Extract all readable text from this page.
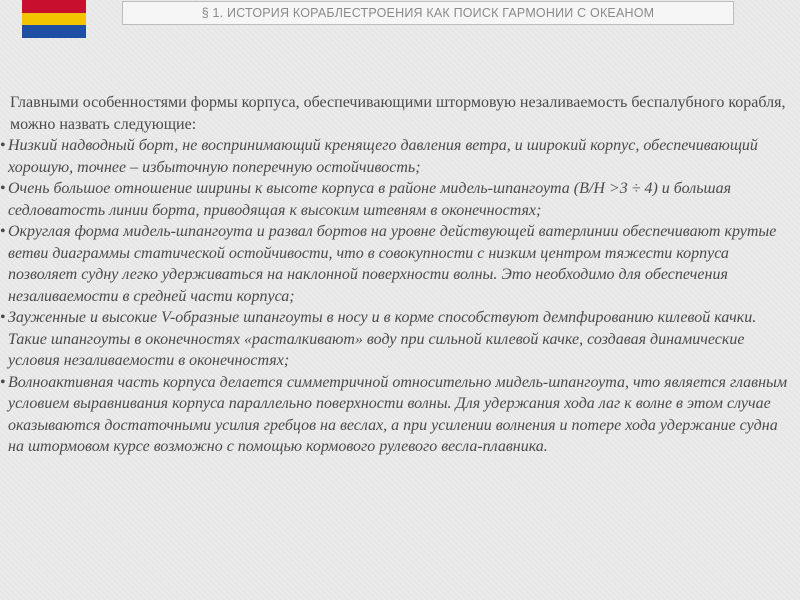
§ 1. ИСТОРИЯ КОРАБЛЕСТРОЕНИЯ КАК ПОИСК ГАРМОНИИ С ОКЕАНОМ
Главными особенностями формы корпуса, обеспечивающими штормовую незаливаемость беспалубного корабля, можно назвать следующие:
• Низкий надводный борт, не воспринимающий кренящего давления ветра, и широкий корпус, обеспечивающий хорошую, точнее – избыточную поперечную остойчивость;
• Очень большое отношение ширины к высоте корпуса в районе мидель-шпангоута (B/H >3 ÷ 4) и большая седловатость линии борта, приводящая к высоким штевням в оконечностях;
• Округлая форма мидель-шпангоута и развал бортов на уровне действующей ватерлинии обеспечивают крутые ветви диаграммы статической остойчивости, что в совокупности с низким центром тяжести корпуса позволяет судну легко удерживаться на наклонной поверхности волны. Это необходимо для обеспечения незаливаемости в средней части корпуса;
• Зауженные и высокие V-образные шпангоуты в носу и в корме способствуют демпфированию килевой качки. Такие шпангоуты в оконечностях «расталкивают» воду при сильной килевой качке, создавая динамические условия незаливаемости в оконечностях;
• Волноактивная часть корпуса делается симметричной относительно мидель-шпангоута, что является главным условием выравнивания корпуса параллельно поверхности волны. Для удержания хода лаг к волне в этом случае оказываются достаточными усилия гребцов на веслах, а при усилении волнения и потере хода удержание судна на штормовом курсе возможно с помощью кормового рулевого весла-плавника.
